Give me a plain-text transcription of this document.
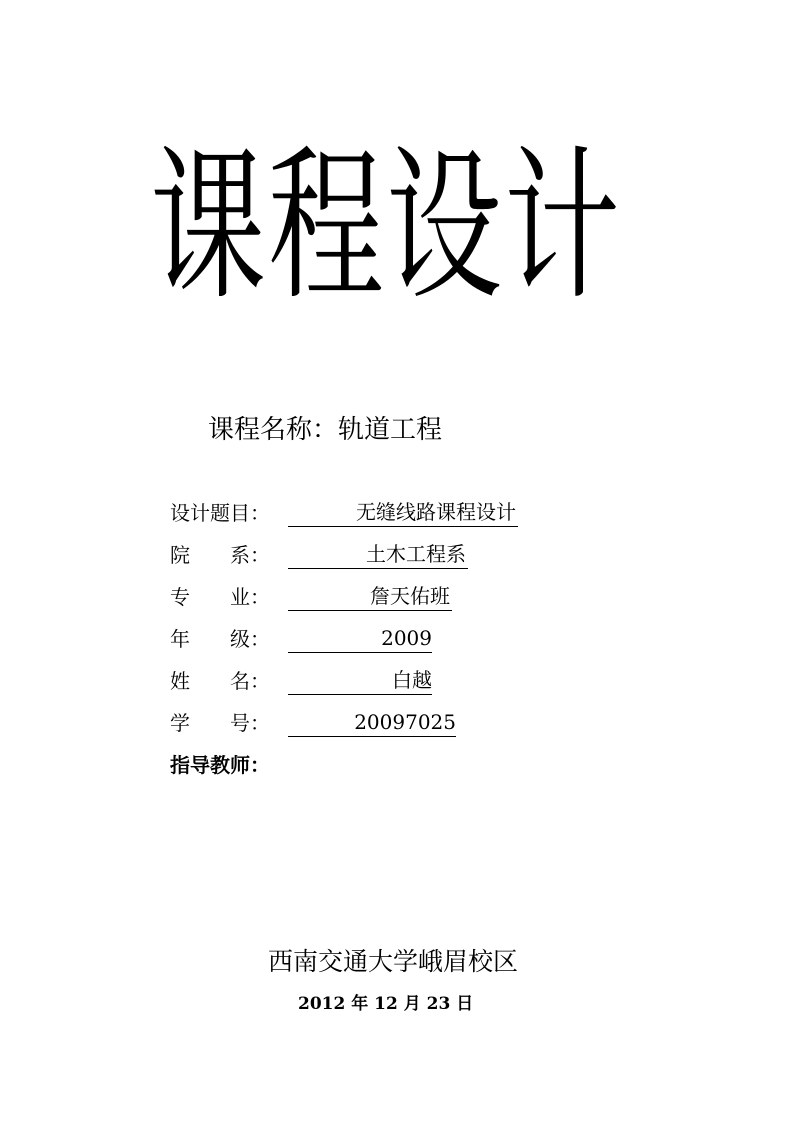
课程设计
课程名称：轨道工程
设计题目：	无缝线路课程设计
院　　系：	土木工程系
专　　业：	詹天佑班
年　　级：	2009
姓　　名：	白越
学　　号：	20097025
指导教师：
西南交通大学峨眉校区
2012 年 12 月 23 日
